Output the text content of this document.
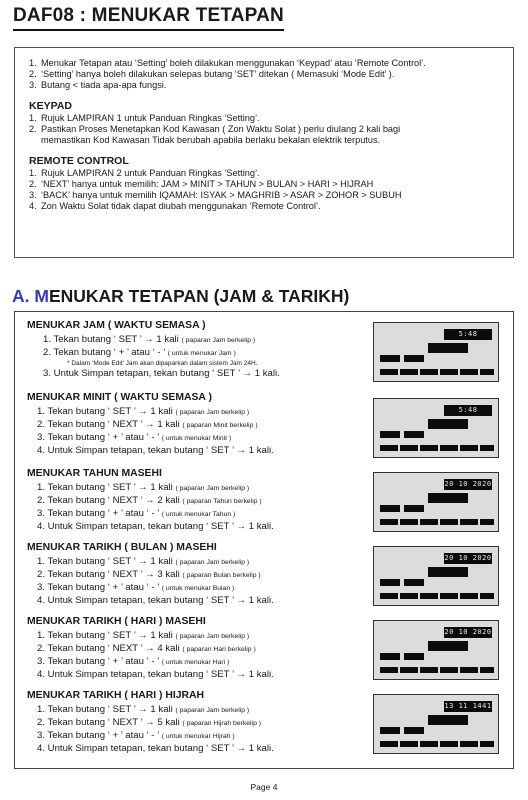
DAF08 : MENUKAR TETAPAN
1. Menukar Tetapan atau ‘Setting’ boleh dilakukan menggunakan ‘Keypad’ atau ‘Remote Control’.
2. ‘Setting’ hanya boleh dilakukan selepas butang ‘SET’ ditekan ( Memasuki ‘Mode Edit’ ).
3. Butang < tiada apa-apa fungsi.
KEYPAD
1. Rujuk LAMPIRAN 1 untuk Panduan Ringkas ‘Setting’.
2. Pastikan Proses Menetapkan Kod Kawasan ( Zon Waktu Solat ) perlu diulang 2 kali bagi
memastikan Kod Kawasan Tidak berubah apabila berlaku bekalan elektrik terputus.
REMOTE CONTROL
1. Rujuk LAMPIRAN 2 untuk Panduan Ringkas ‘Setting’.
2. ‘NEXT’ hanya untuk memilih: JAM > MINIT > TAHUN > BULAN > HARI > HIJRAH
3. ‘BACK’ hanya untuk memilih IQAMAH: ISYAK > MAGHRIB > ASAR > ZOHOR > SUBUH
4. Zon Waktu Solat tidak dapat diubah menggunakan ‘Remote Control’.
A. MENUKAR TETAPAN (JAM & TARIKH)
MENUKAR JAM ( WAKTU SEMASA )
1. Tekan butang ‘ SET ’ → 1 kali ( paparan Jam berkelip )
2. Tekan butang ‘ + ’ atau ‘ - ’ ( untuk menukar Jam )
* Dalam ‘Mode Edit’ Jam akan dipaparkan dalam sistem Jam 24H.
3. Untuk Simpan tetapan, tekan butang ‘ SET ’ → 1 kali.
5:48
MENUKAR MINIT ( WAKTU SEMASA )
1. Tekan butang ‘ SET ’ → 1 kali ( paparan Jam berkelip )
2. Tekan butang ‘ NEXT ’ → 1 kali ( paparan Minit berkelip )
3. Tekan butang ‘ + ’ atau ‘ - ’ ( untuk menukar Minit )
4. Untuk Simpan tetapan, tekan butang ‘ SET ’ → 1 kali.
5:48
MENUKAR TAHUN MASEHI
1. Tekan butang ‘ SET ’ → 1 kali ( paparan Jam berkelip )
2. Tekan butang ‘ NEXT ’ → 2 kali ( paparan Tahun berkelip )
3. Tekan butang ‘ + ’ atau ‘ - ’ ( untuk menukar Tahun )
4. Untuk Simpan tetapan, tekan butang ‘ SET ’ → 1 kali.
20 10 2020
MENUKAR TARIKH ( BULAN ) MASEHI
1. Tekan butang ‘ SET ’ → 1 kali ( paparan Jam berkelip )
2. Tekan butang ‘ NEXT ’ → 3 kali ( paparan Bulan berkelip )
3. Tekan butang ‘ + ’ atau ‘ - ’ ( untuk menukar Bulan )
4. Untuk Simpan tetapan, tekan butang ‘ SET ’ → 1 kali.
20 10 2020
MENUKAR TARIKH ( HARI ) MASEHI
1. Tekan butang ‘ SET ’ → 1 kali ( paparan Jam berkelip )
2. Tekan butang ‘ NEXT ’ → 4 kali ( paparan Hari berkelip )
3. Tekan butang ‘ + ’ atau ‘ - ’ ( untuk menukar Hari )
4. Untuk Simpan tetapan, tekan butang ‘ SET ’ → 1 kali.
20 10 2020
MENUKAR TARIKH ( HARI ) HIJRAH
1. Tekan butang ‘ SET ’ → 1 kali ( paparan Jam berkelip )
2. Tekan butang ‘ NEXT ’ → 5 kali ( paparan Hijrah berkelip )
3. Tekan butang ‘ + ’ atau ‘ - ’ ( untuk menukar Hijrah )
4. Untuk Simpan tetapan, tekan butang ‘ SET ’ → 1 kali.
13 11 1441
Page 4
